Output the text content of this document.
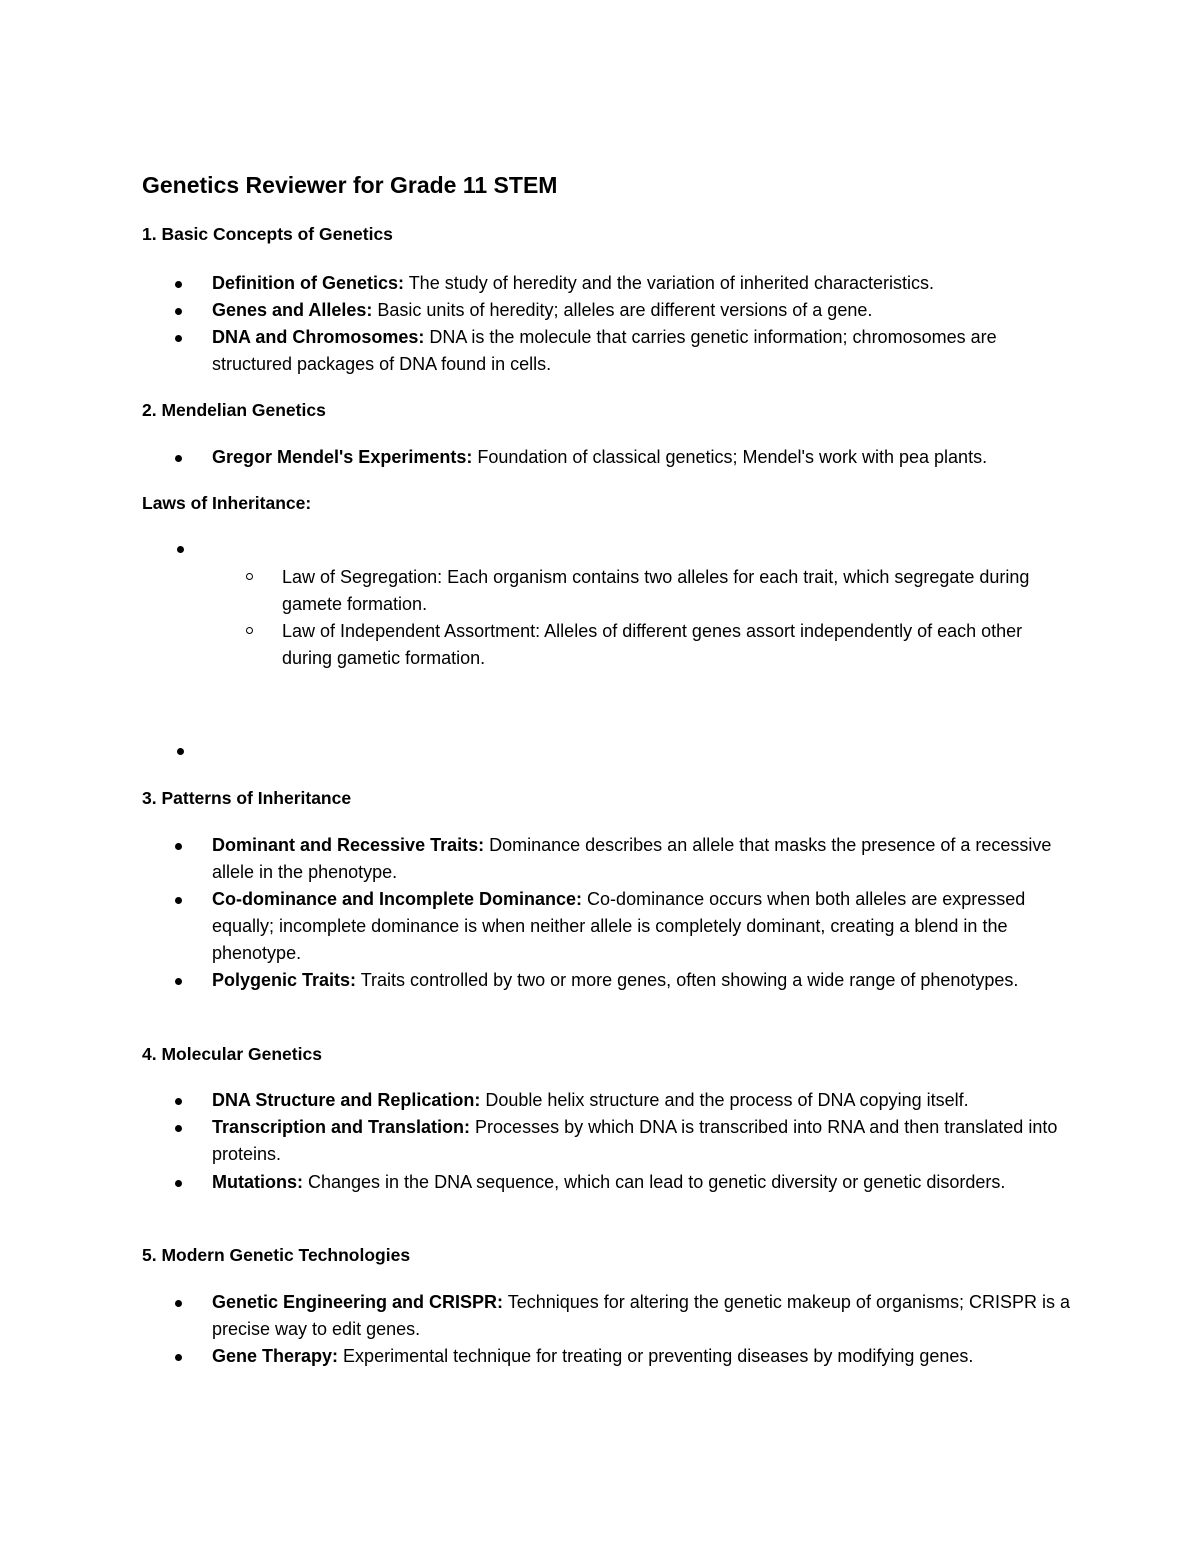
Genetics Reviewer for Grade 11 STEM
1. Basic Concepts of Genetics
Definition of Genetics: The study of heredity and the variation of inherited characteristics.
Genes and Alleles: Basic units of heredity; alleles are different versions of a gene.
DNA and Chromosomes: DNA is the molecule that carries genetic information; chromosomes are structured packages of DNA found in cells.
2. Mendelian Genetics
Gregor Mendel's Experiments: Foundation of classical genetics; Mendel's work with pea plants.
Laws of Inheritance:
Law of Segregation: Each organism contains two alleles for each trait, which segregate during gamete formation.
Law of Independent Assortment: Alleles of different genes assort independently of each other during gametic formation.
3. Patterns of Inheritance
Dominant and Recessive Traits: Dominance describes an allele that masks the presence of a recessive allele in the phenotype.
Co-dominance and Incomplete Dominance: Co-dominance occurs when both alleles are expressed equally; incomplete dominance is when neither allele is completely dominant, creating a blend in the phenotype.
Polygenic Traits: Traits controlled by two or more genes, often showing a wide range of phenotypes.
4. Molecular Genetics
DNA Structure and Replication: Double helix structure and the process of DNA copying itself.
Transcription and Translation: Processes by which DNA is transcribed into RNA and then translated into proteins.
Mutations: Changes in the DNA sequence, which can lead to genetic diversity or genetic disorders.
5. Modern Genetic Technologies
Genetic Engineering and CRISPR: Techniques for altering the genetic makeup of organisms; CRISPR is a precise way to edit genes.
Gene Therapy: Experimental technique for treating or preventing diseases by modifying genes.
